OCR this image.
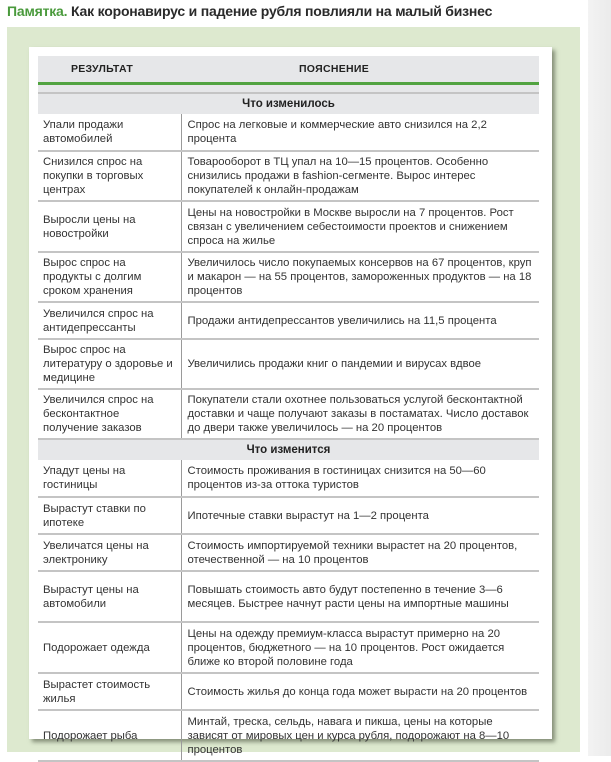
Памятка. Как коронавирус и падение рубля повлияли на малый бизнес
РЕЗУЛЬТАТ	ПОЯСНЕНИЕ

Что изменилось	
Упали продажи автомобилей	Спрос на легковые и коммерческие авто снизился на 2,2 процента
Снизился спрос на покупки в торговых центрах	Товарооборот в ТЦ упал на 10—15 процентов. Особенно снизились продажи в fashion-сегменте. Вырос интерес покупателей к онлайн-продажам
Выросли цены на новостройки	Цены на новостройки в Москве выросли на 7 процентов. Рост связан с увеличением себестоимости проектов и снижением спроса на жилье
Вырос спрос на продукты с долгим сроком хранения	Увеличилось число покупаемых консервов на 67 процентов, круп и макарон — на 55 процентов, замороженных продуктов — на 18 процентов
Увеличился спрос на антидепрессанты	Продажи антидепрессантов увеличились на 11,5 процента
Вырос спрос на литературу о здоровье и медицине	Увеличились продажи книг о пандемии и вирусах вдвое
Увеличился спрос на бесконтактное получение заказов	Покупатели стали охотнее пользоваться услугой бесконтактной доставки и чаще получают заказы в постаматах. Число доставок до двери также увеличилось — на 20 процентов
Что изменится	
Упадут цены на гостиницы	Стоимость проживания в гостиницах снизится на 50—60 процентов из-за оттока туристов
Вырастут ставки по ипотеке	Ипотечные ставки вырастут на 1—2 процента
Увеличатся цены на электронику	Стоимость импортируемой техники вырастет на 20 процентов, отечественной — на 10 процентов
Вырастут цены на автомобили	Повышать стоимость авто будут постепенно в течение 3—6 месяцев. Быстрее начнут расти цены на импортные машины
Подорожает одежда	Цены на одежду премиум-класса вырастут примерно на 20 процентов, бюджетного — на 10 процентов. Рост ожидается ближе ко второй половине года
Вырастет стоимость жилья	Стоимость жилья до конца года может вырасти на 20 процентов
Подорожает рыба	Минтай, треска, сельдь, навага и пикша, цены на которые зависят от мировых цен и курса рубля, подорожают на 8—10 процентов
